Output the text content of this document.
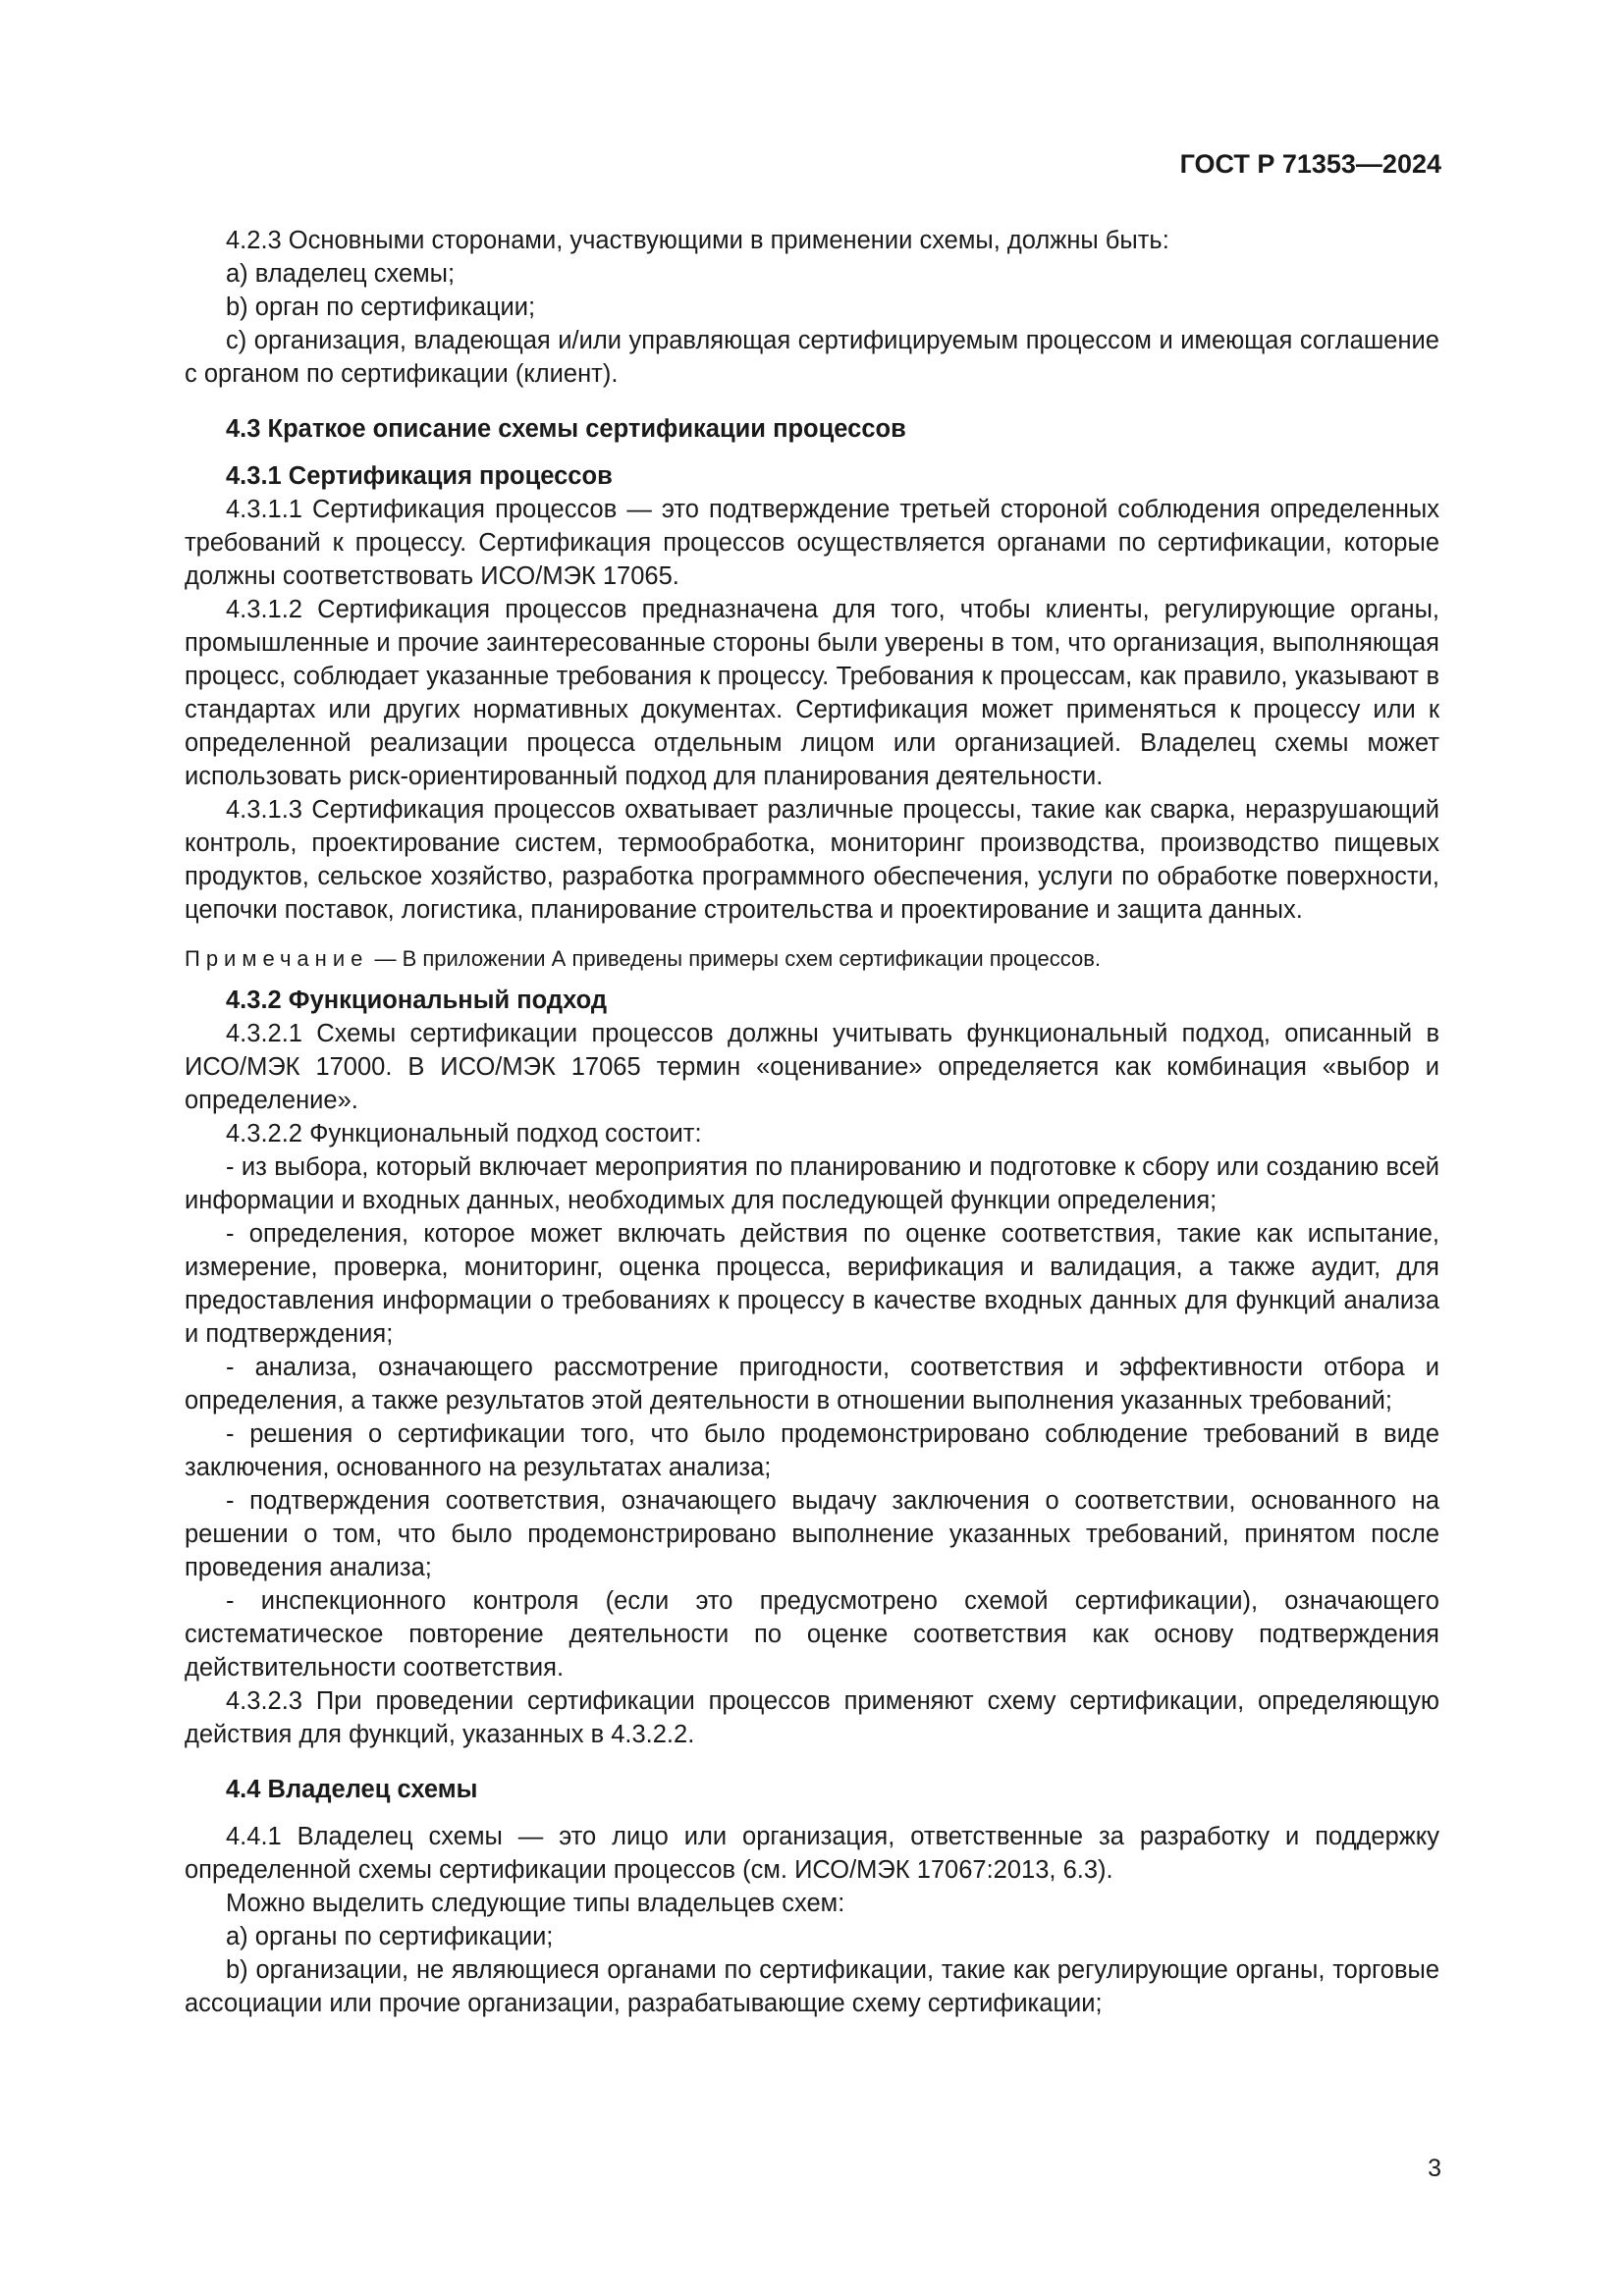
ГОСТ Р 71353—2024

4.2.3 Основными сторонами, участвующими в применении схемы, должны быть:

а) владелец схемы;

b) орган по сертификации;

с) организация, владеющая и/или управляющая сертифицируемым процессом и имеющая соглашение с органом по сертификации (клиент).

4.3 Краткое описание схемы сертификации процессов

4.3.1 Сертификация процессов

4.3.1.1 Сертификация процессов — это подтверждение третьей стороной соблюдения определенных требований к процессу. Сертификация процессов осуществляется органами по сертификации, которые должны соответствовать ИСО/МЭК 17065.

4.3.1.2 Сертификация процессов предназначена для того, чтобы клиенты, регулирующие органы, промышленные и прочие заинтересованные стороны были уверены в том, что организация, выполняющая процесс, соблюдает указанные требования к процессу. Требования к процессам, как правило, указывают в стандартах или других нормативных документах. Сертификация может применяться к процессу или к определенной реализации процесса отдельным лицом или организацией. Владелец схемы может использовать риск-ориентированный подход для планирования деятельности.

4.3.1.3 Сертификация процессов охватывает различные процессы, такие как сварка, неразрушающий контроль, проектирование систем, термообработка, мониторинг производства, производство пищевых продуктов, сельское хозяйство, разработка программного обеспечения, услуги по обработке поверхности, цепочки поставок, логистика, планирование строительства и проектирование и защита данных.

Примечание — В приложении А приведены примеры схем сертификации процессов.

4.3.2 Функциональный подход

4.3.2.1 Схемы сертификации процессов должны учитывать функциональный подход, описанный в ИСО/МЭК 17000. В ИСО/МЭК 17065 термин «оценивание» определяется как комбинация «выбор и определение».

4.3.2.2 Функциональный подход состоит:

- из выбора, который включает мероприятия по планированию и подготовке к сбору или созданию всей информации и входных данных, необходимых для последующей функции определения;

- определения, которое может включать действия по оценке соответствия, такие как испытание, измерение, проверка, мониторинг, оценка процесса, верификация и валидация, а также аудит, для предоставления информации о требованиях к процессу в качестве входных данных для функций анализа и подтверждения;

- анализа, означающего рассмотрение пригодности, соответствия и эффективности отбора и определения, а также результатов этой деятельности в отношении выполнения указанных требований;

- решения о сертификации того, что было продемонстрировано соблюдение требований в виде заключения, основанного на результатах анализа;

- подтверждения соответствия, означающего выдачу заключения о соответствии, основанного на решении о том, что было продемонстрировано выполнение указанных требований, принятом после проведения анализа;

- инспекционного контроля (если это предусмотрено схемой сертификации), означающего систематическое повторение деятельности по оценке соответствия как основу подтверждения действительности соответствия.

4.3.2.3 При проведении сертификации процессов применяют схему сертификации, определяющую действия для функций, указанных в 4.3.2.2.

4.4 Владелец схемы

4.4.1 Владелец схемы — это лицо или организация, ответственные за разработку и поддержку определенной схемы сертификации процессов (см. ИСО/МЭК 17067:2013, 6.3).

Можно выделить следующие типы владельцев схем:

а) органы по сертификации;

b) организации, не являющиеся органами по сертификации, такие как регулирующие органы, торговые ассоциации или прочие организации, разрабатывающие схему сертификации;

3
